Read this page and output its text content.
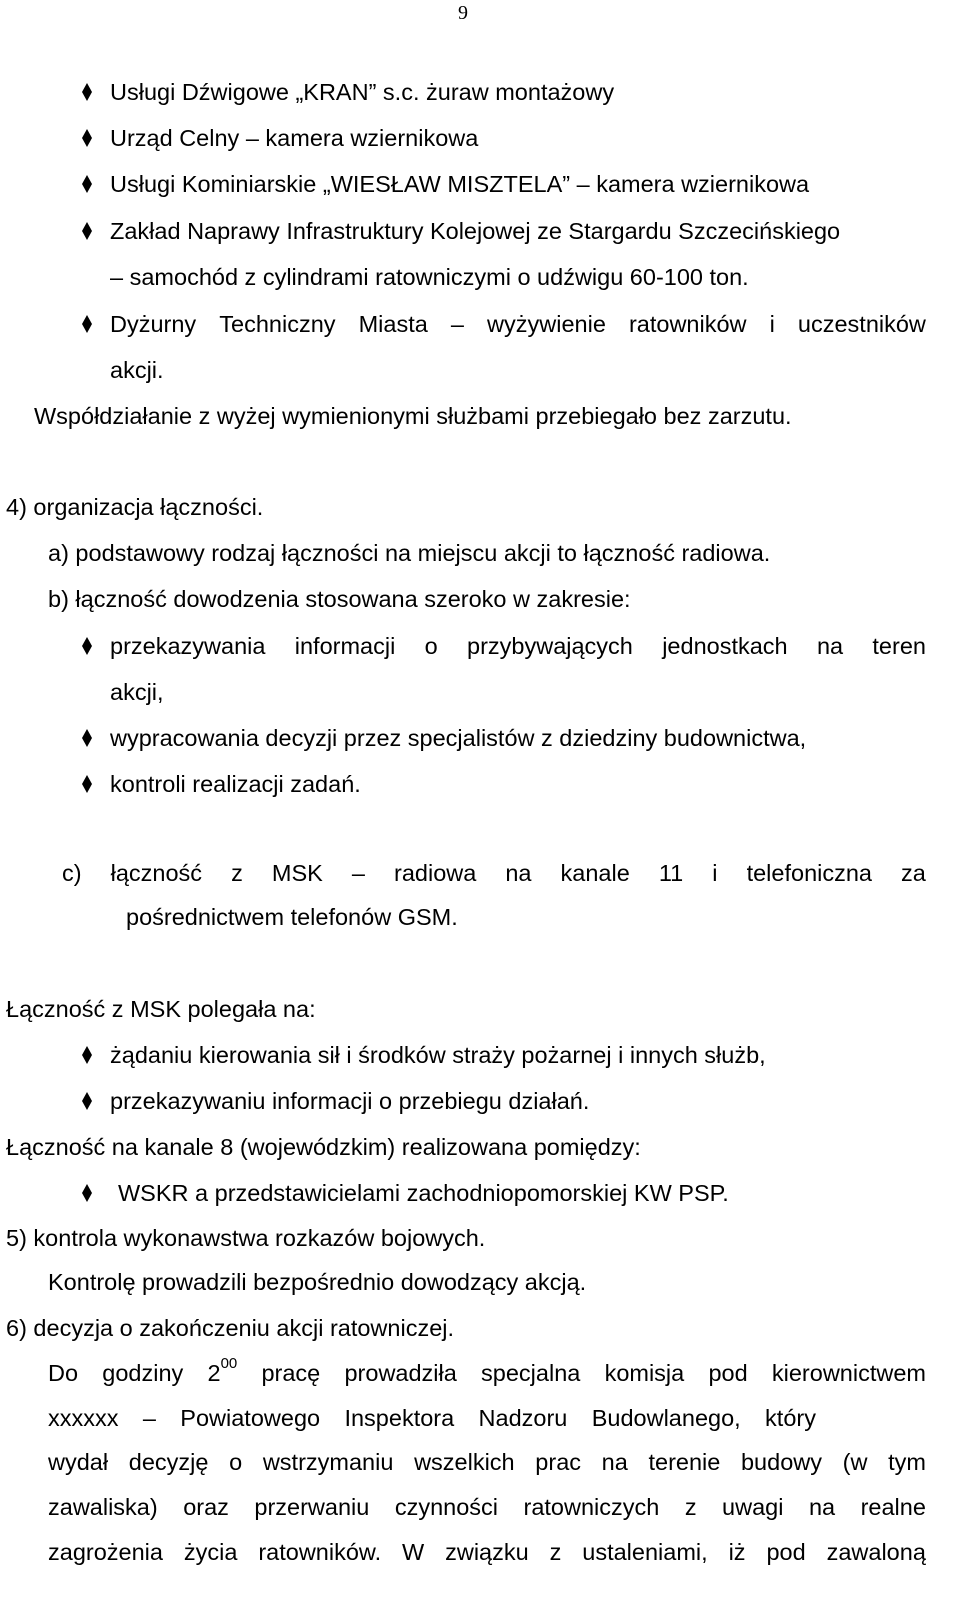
9
Usługi Dźwigowe „KRAN” s.c. żuraw montażowy
Urząd Celny – kamera wziernikowa
Usługi Kominiarskie „WIESŁAW MISZTELA” – kamera wziernikowa
Zakład Naprawy Infrastruktury Kolejowej ze Stargardu Szczecińskiego
– samochód z cylindrami ratowniczymi o udźwigu 60-100 ton.
Dyżurny Techniczny Miasta – wyżywienie ratowników i uczestników
akcji.
Współdziałanie z wyżej wymienionymi służbami przebiegało bez zarzutu.
4) organizacja łączności.
a) podstawowy rodzaj łączności na miejscu akcji to łączność radiowa.
b) łączność dowodzenia stosowana szeroko w zakresie:
przekazywania informacji o przybywających jednostkach na teren
akcji,
wypracowania decyzji przez specjalistów z dziedziny budownictwa,
kontroli realizacji zadań.
c) łączność z MSK – radiowa na kanale 11 i telefoniczna za
pośrednictwem telefonów GSM.
Łączność z MSK polegała na:
żądaniu kierowania sił i środków straży pożarnej i innych służb,
przekazywaniu informacji o przebiegu działań.
Łączność na kanale 8 (wojewódzkim) realizowana pomiędzy:
WSKR a przedstawicielami zachodniopomorskiej KW PSP.
5) kontrola wykonawstwa rozkazów bojowych.
Kontrolę prowadzili bezpośrednio dowodzący akcją.
6) decyzja o zakończeniu akcji ratowniczej.
Do godziny $2^{00}$ pracę prowadziła specjalna komisja pod kierownictwem
xxxxxx – Powiatowego Inspektora Nadzoru Budowlanego, który
wydał decyzję o wstrzymaniu wszelkich prac na terenie budowy (w tym
zawaliska) oraz przerwaniu czynności ratowniczych z uwagi na realne
zagrożenia życia ratowników. W związku z ustaleniami, iż pod zawaloną
